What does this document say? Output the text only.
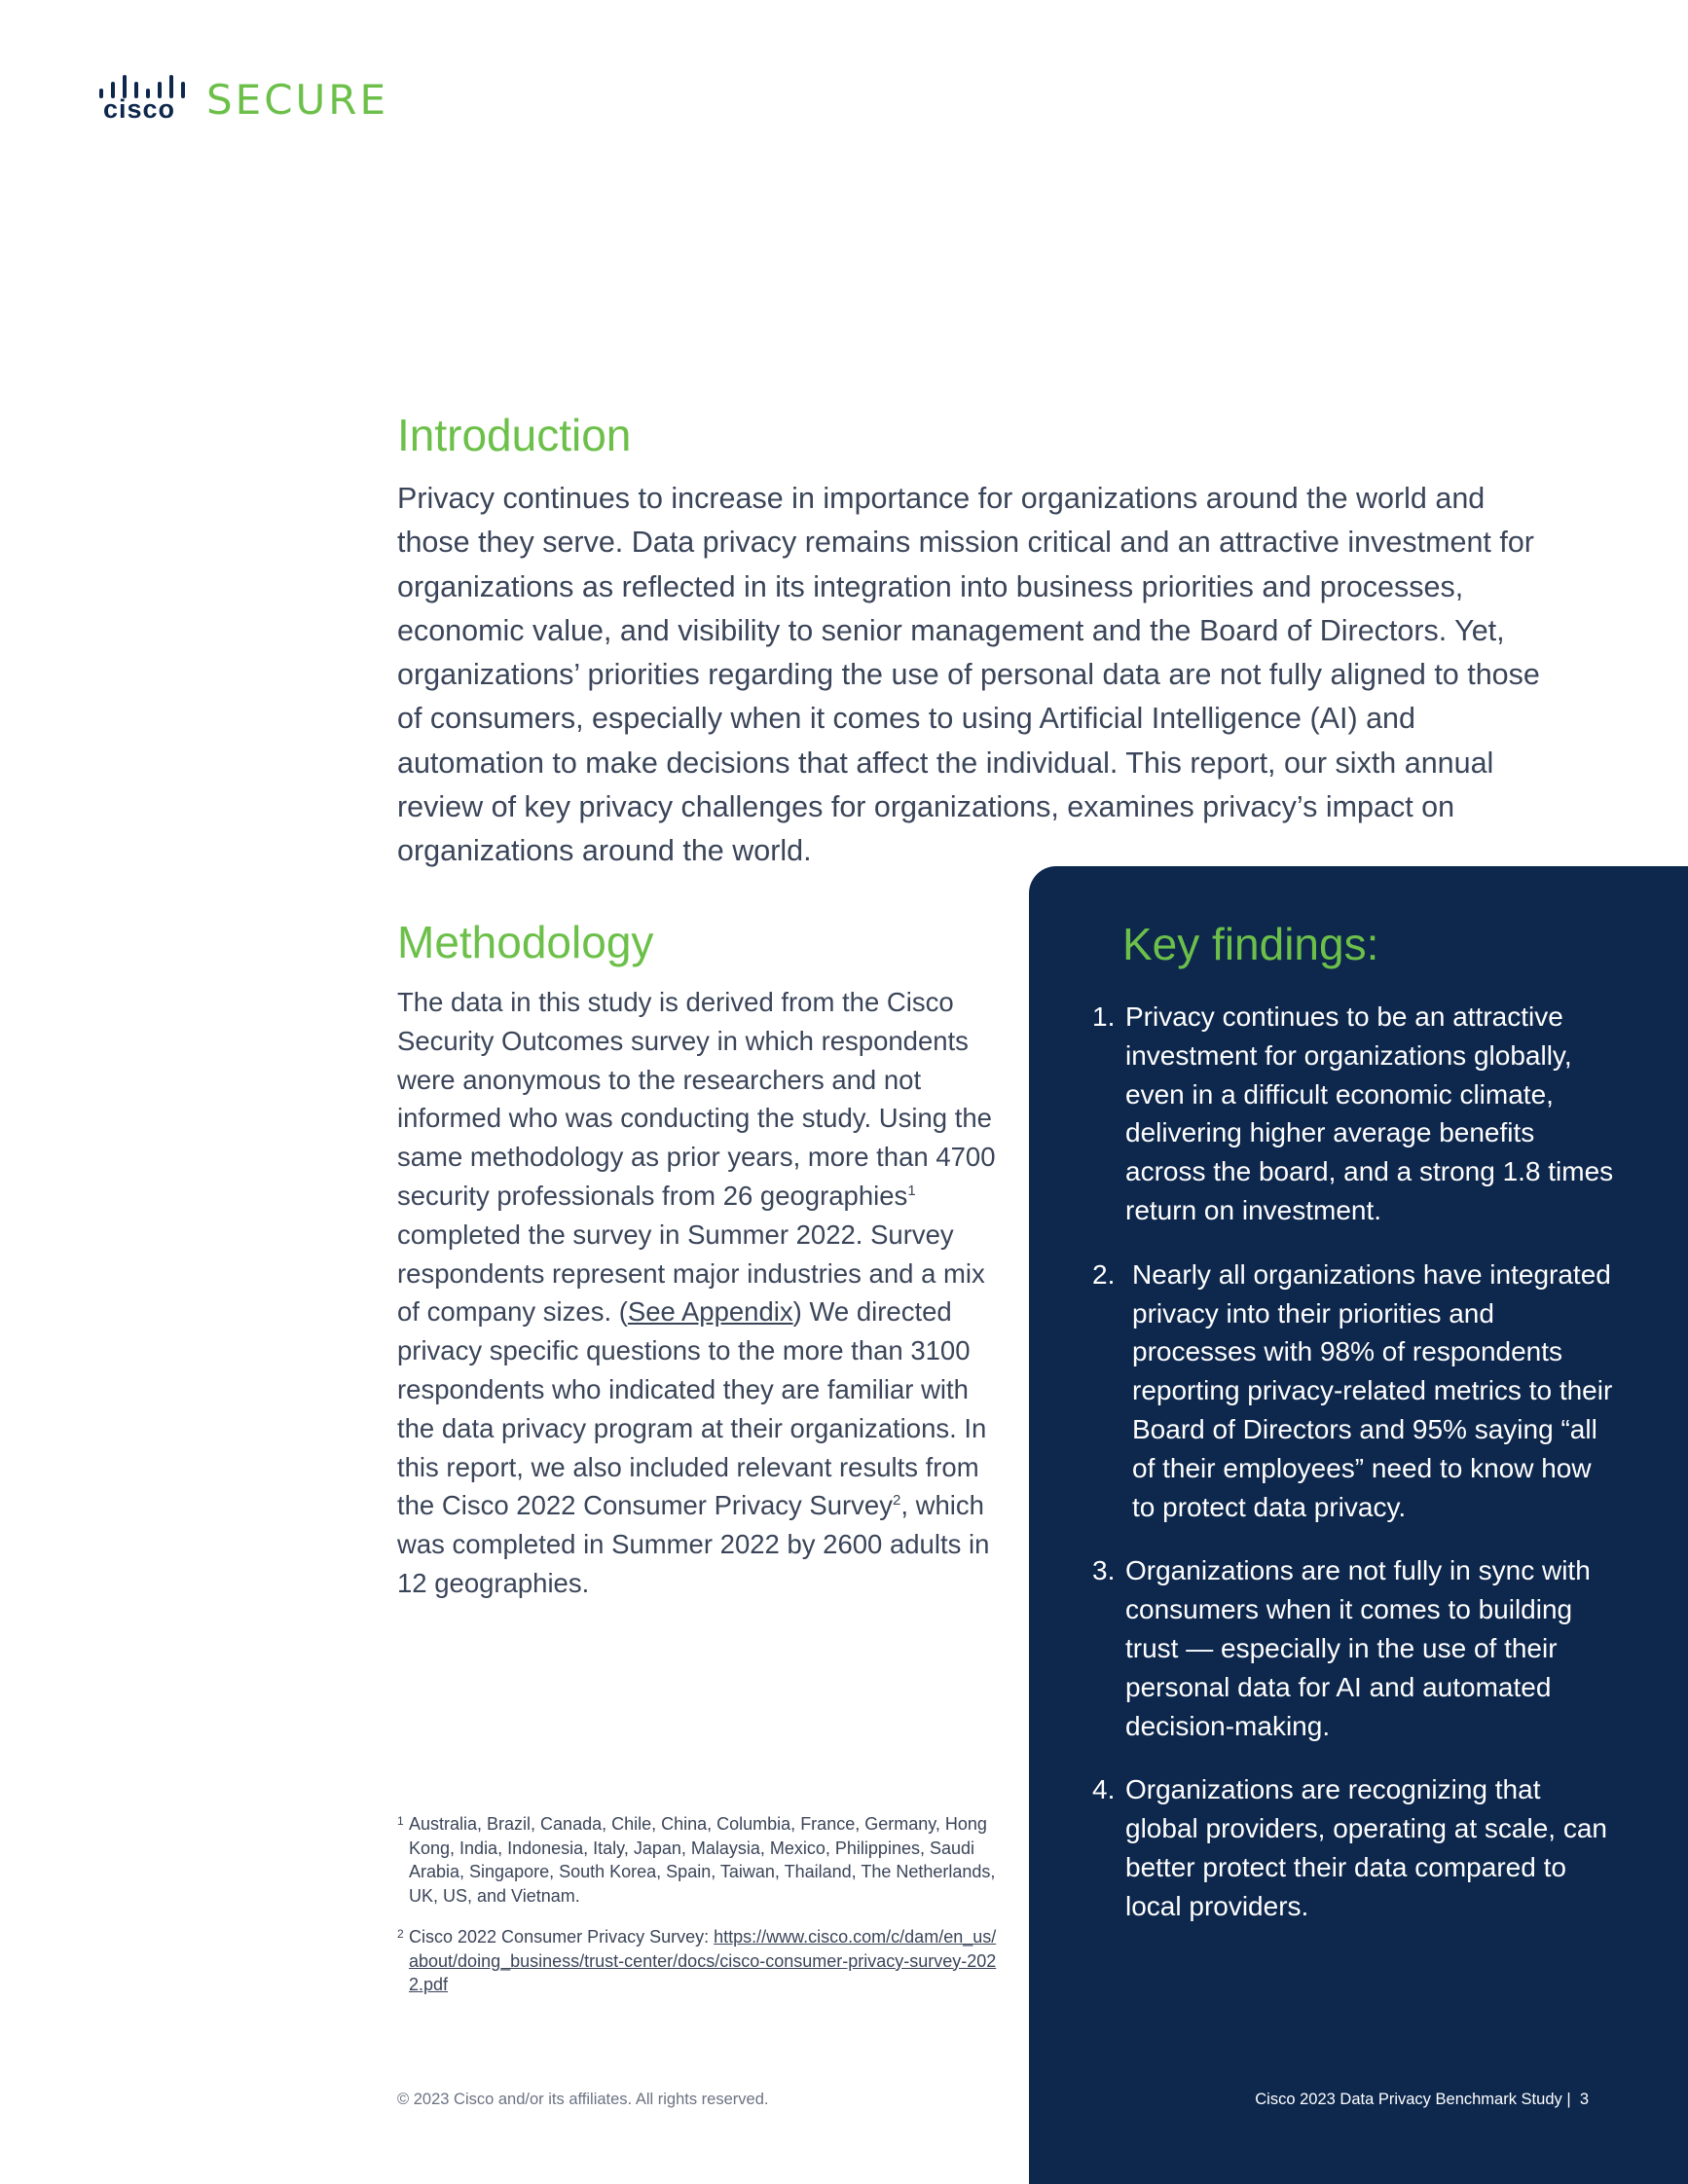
cisco SECURE
Introduction

Privacy continues to increase in importance for organizations around the world and those they serve. Data privacy remains mission critical and an attractive investment for organizations as reflected in its integration into business priorities and processes, economic value, and visibility to senior management and the Board of Directors. Yet, organizations’ priorities regarding the use of personal data are not fully aligned to those of consumers, especially when it comes to using Artificial Intelligence (AI) and automation to make decisions that affect the individual. This report, our sixth annual review of key privacy challenges for organizations, examines privacy’s impact on organizations around the world.

Methodology

The data in this study is derived from the Cisco Security Outcomes survey in which respondents were anonymous to the researchers and not informed who was conducting the study. Using the same methodology as prior years, more than 4700 security professionals from 26 geographies$^1$ completed the survey in Summer 2022. Survey respondents represent major industries and a mix of company sizes. (See Appendix) We directed privacy specific questions to the more than 3100 respondents who indicated they are familiar with the data privacy program at their organizations. In this report, we also included relevant results from the Cisco 2022 Consumer Privacy Survey$^2$, which was completed in Summer 2022 by 2600 adults in 12 geographies.

Key findings:
1. Privacy continues to be an attractive investment for organizations globally, even in a difficult economic climate, delivering higher average benefits across the board, and a strong 1.8 times return on investment.
2. Nearly all organizations have integrated privacy into their priorities and processes with 98% of respondents reporting privacy-related metrics to their Board of Directors and 95% saying “all of their employees” need to know how to protect data privacy.
3. Organizations are not fully in sync with consumers when it comes to building trust — especially in the use of their personal data for AI and automated decision-making.
4. Organizations are recognizing that global providers, operating at scale, can better protect their data compared to local providers.
1 Australia, Brazil, Canada, Chile, China, Columbia, France, Germany, Hong Kong, India, Indonesia, Italy, Japan, Malaysia, Mexico, Philippines, Saudi Arabia, Singapore, South Korea, Spain, Taiwan, Thailand, The Netherlands, UK, US, and Vietnam.
2 Cisco 2022 Consumer Privacy Survey: https://www.cisco.com/c/dam/en_us/about/doing_business/trust-center/docs/cisco-consumer-privacy-survey-2022.pdf
© 2023 Cisco and/or its affiliates. All rights reserved.	Cisco 2023 Data Privacy Benchmark Study | 3
